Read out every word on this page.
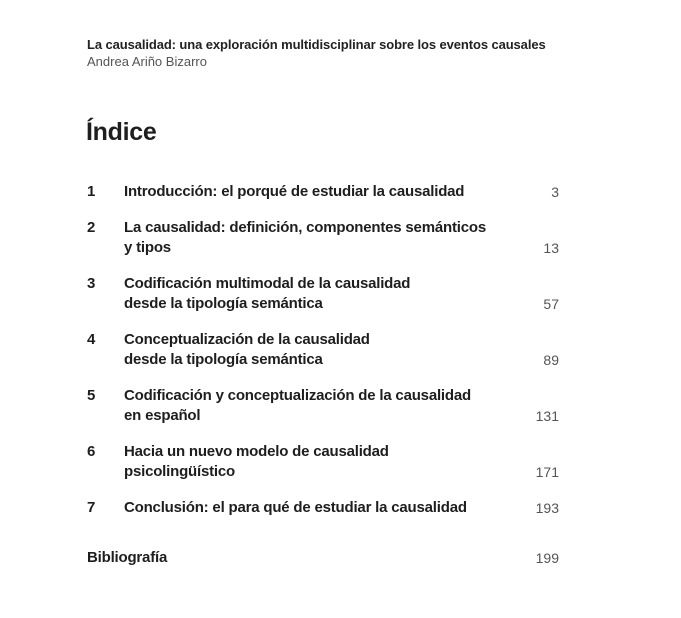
La causalidad: una exploración multidisciplinar sobre los eventos causales
Andrea Ariño Bizarro
Índice
1	Introducción: el porqué de estudiar la causalidad	3
2	La causalidad: definición, componentes semánticos
y tipos	13
3	Codificación multimodal de la causalidad
desde la tipología semántica	57
4	Conceptualización de la causalidad
desde la tipología semántica	89
5	Codificación y conceptualización de la causalidad
en español	131
6	Hacia un nuevo modelo de causalidad
psicolingüístico	171
7	Conclusión: el para qué de estudiar la causalidad	193
Bibliografía	199
